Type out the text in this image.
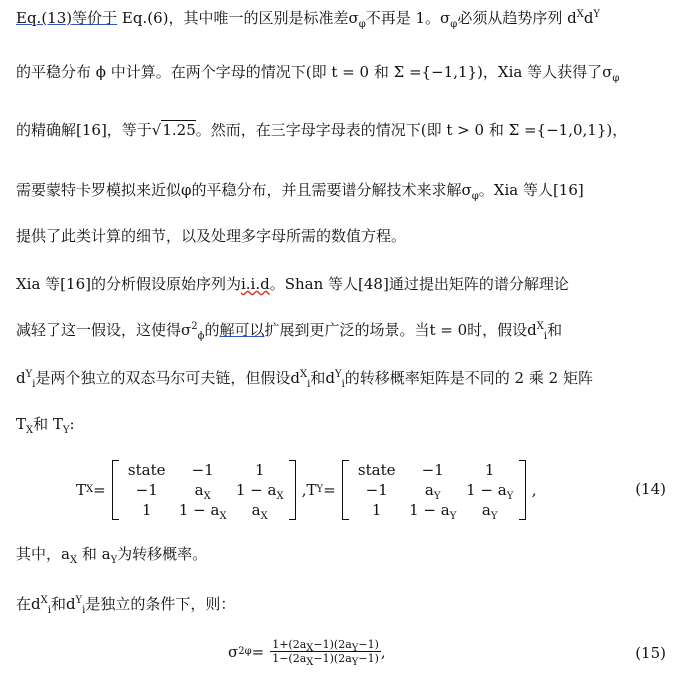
Eq.(13)等价于 Eq.(6)，其中唯一的区别是标准差$\sigma_\varphi$不再是 1。$\sigma_\varphi$必须从趋势序列 $d^Xd^Y$
的平稳分布 ϕ 中计算。在两个字母的情况下(即 t = 0 和 Σ ={−1,1})，Xia 等人获得了$\sigma_\varphi$
的精确解[16]，等于√1.25。然而，在三字母字母表的情况下(即 t > 0 和 Σ ={−1,0,1})，
需要蒙特卡罗模拟来近似φ的平稳分布，并且需要谱分解技术来求解$\sigma_\varphi$。Xia 等人[16]
提供了此类计算的细节，以及处理多字母所需的数值方程。
Xia 等[16]的分析假设原始序列为i.i.d。Shan 等人[48]通过提出矩阵的谱分解理论
减轻了这一假设，这使得$\sigma^2_\phi$的解可以扩展到更广泛的场景。当t = 0时，假设$d^X_i$和
$d^Y_i$是两个独立的双态马尔可夫链，但假设$d^X_i$和$d^Y_i$的转移概率矩阵是不同的 2 乘 2 矩阵
$T_X$和 $T_Y$:
T X =
state	−1	1
−1	$a_X$	$1 - a_X$
1	$1 - a_X$	$a_X$
, T Y =
state	−1	1
−1	$a_Y$	$1 - a_Y$
1	$1 - a_Y$	$a_Y$
,	(14)
其中，$a_X$ 和 $a_Y$为转移概率。
在$d^X_i$和$d^Y_i$是独立的条件下，则：
σ 2 $\varphi = \frac{1+(2a_X-1)(2a_Y-1)}{1-(2a_X-1)(2a_Y-1)}$ ,	(15)
